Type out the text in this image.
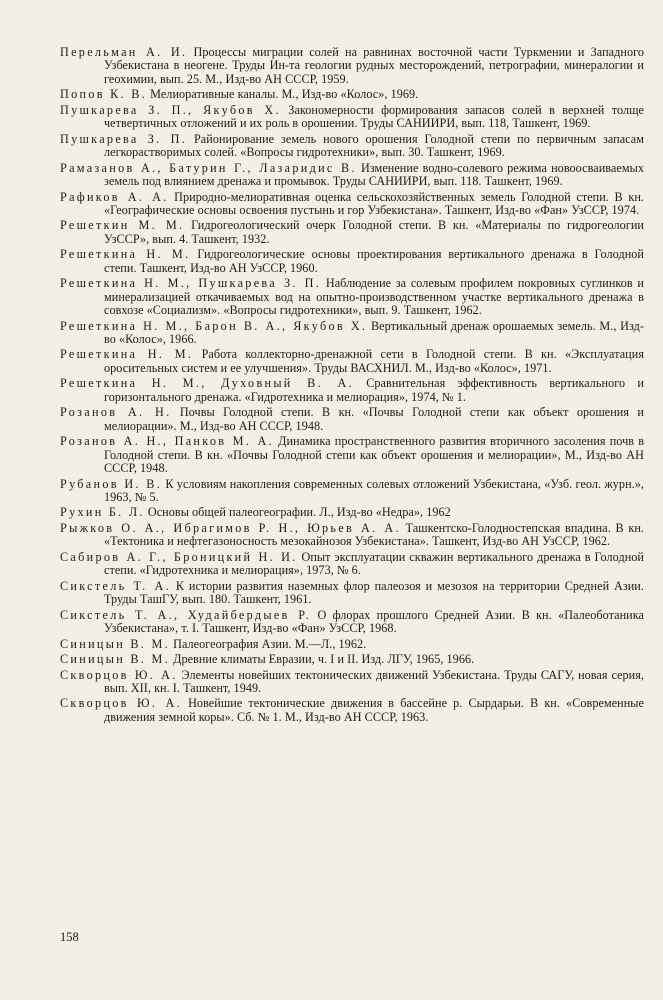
Перельман А. И. Процессы миграции солей на равнинах восточной части Туркмении и Западного Узбекистана в неогене. Труды Ин-та геологии рудных месторождений, петрографии, минералогии и геохимии, вып. 25. М., Изд-во АН СССР, 1959.

Попов К. В. Мелиоративные каналы. М., Изд-во «Колос», 1969.

Пушкарева З. П., Якубов Х. Закономерности формирования запасов солей в верхней толще четвертичных отложений и их роль в орошении. Труды САНИИРИ, вып. 118, Ташкент, 1969.

Пушкарева З. П. Районирование земель нового орошения Голодной степи по первичным запасам легкорастворимых солей. «Вопросы гидротехники», вып. 30. Ташкент, 1969.

Рамазанов А., Батурин Г., Лазаридис В. Изменение водно-солевого режима новоосваиваемых земель под влиянием дренажа и промывок. Труды САНИИРИ, вып. 118. Ташкент, 1969.

Рафиков А. А. Природно-мелиоративная оценка сельскохозяйственных земель Голодной степи. В кн. «Географические основы освоения пустынь и гор Узбекистана». Ташкент, Изд-во «Фан» УзССР, 1974.

Решеткин М. М. Гидрогеологический очерк Голодной степи. В кн. «Материалы по гидрогеологии УзССР», вып. 4. Ташкент, 1932.

Решеткина Н. М. Гидрогеологические основы проектирования вертикального дренажа в Голодной степи. Ташкент, Изд-во АН УзССР, 1960.

Решеткина Н. М., Пушкарева З. П. Наблюдение за солевым профилем покровных суглинков и минерализацией откачиваемых вод на опытно-производственном участке вертикального дренажа в совхозе «Социализм». «Вопросы гидротехники», вып. 9. Ташкент, 1962.

Решеткина Н. М., Барон В. А., Якубов Х. Вертикальный дренаж орошаемых земель. М., Изд-во «Колос», 1966.

Решеткина Н. М. Работа коллекторно-дренажной сети в Голодной степи. В кн. «Эксплуатация оросительных систем и ее улучшения». Труды ВАСХНИЛ. М., Изд-во «Колос», 1971.

Решеткина Н. М., Духовный В. А. Сравнительная эффективность вертикального и горизонтального дренажа. «Гидротехника и мелиорация», 1974, № 1.

Розанов А. Н. Почвы Голодной степи. В кн. «Почвы Голодной степи как объект орошения и мелиорации». М., Изд-во АН СССР, 1948.

Розанов А. Н., Панков М. А. Динамика пространственного развития вторичного засоления почв в Голодной степи. В кн. «Почвы Голодной степи как объект орошения и мелиорации», М., Изд-во АН СССР, 1948.

Рубанов И. В. К условиям накопления современных солевых отложений Узбекистана, «Узб. геол. журн.», 1963, № 5.

Рухин Б. Л. Основы общей палеогеографии. Л., Изд-во «Недра», 1962

Рыжков О. А., Ибрагимов Р. Н., Юрьев А. А. Ташкентско-Голодностепская впадина. В кн. «Тектоника и нефтегазоносность мезокайнозоя Узбекистана». Ташкент, Изд-во АН УзССР, 1962.

Сабиров А. Г., Броницкий Н. И. Опыт эксплуатации скважин вертикального дренажа в Голодной степи. «Гидротехника и мелиорация», 1973, № 6.

Сикстель Т. А. К истории развития наземных флор палеозоя и мезозоя на территории Средней Азии. Труды ТашГУ, вып. 180. Ташкент, 1961.

Сикстель Т. А., Худайбердыев Р. О флорах прошлого Средней Азии. В кн. «Палеоботаника Узбекистана», т. I. Ташкент, Изд-во «Фан» УзССР, 1968.

Синицын В. М. Палеогеография Азии. М.—Л., 1962.

Синицын В. М. Древние климаты Евразии, ч. I и II. Изд. ЛГУ, 1965, 1966.

Скворцов Ю. А. Элементы новейших тектонических движений Узбекистана. Труды САГУ, новая серия, вып. XII, кн. I. Ташкент, 1949.

Скворцов Ю. А. Новейшие тектонические движения в бассейне р. Сырдарьи. В кн. «Современные движения земной коры». Сб. № 1. М., Изд-во АН СССР, 1963.

158
